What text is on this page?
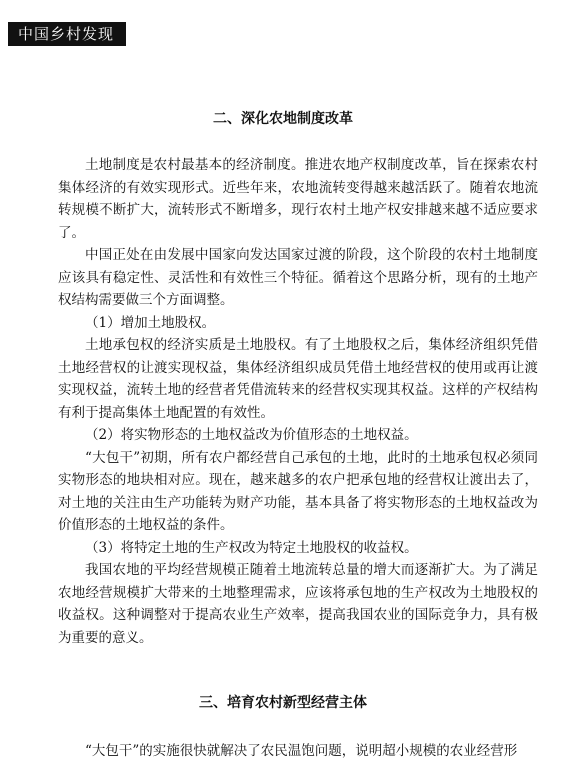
中国乡村发现
二、深化农地制度改革

土地制度是农村最基本的经济制度。推进农地产权制度改革，旨在探索农村集体经济的有效实现形式。近些年来，农地流转变得越来越活跃了。随着农地流转规模不断扩大，流转形式不断增多，现行农村土地产权安排越来越不适应要求了。

中国正处在由发展中国家向发达国家过渡的阶段，这个阶段的农村土地制度应该具有稳定性、灵活性和有效性三个特征。循着这个思路分析，现有的土地产权结构需要做三个方面调整。

（1）增加土地股权。

土地承包权的经济实质是土地股权。有了土地股权之后，集体经济组织凭借土地经营权的让渡实现权益，集体经济组织成员凭借土地经营权的使用或再让渡实现权益，流转土地的经营者凭借流转来的经营权实现其权益。这样的产权结构有利于提高集体土地配置的有效性。

（2）将实物形态的土地权益改为价值形态的土地权益。

“大包干”初期，所有农户都经营自己承包的土地，此时的土地承包权必须同实物形态的地块相对应。现在，越来越多的农户把承包地的经营权让渡出去了，对土地的关注由生产功能转为财产功能，基本具备了将实物形态的土地权益改为价值形态的土地权益的条件。

（3）将特定土地的生产权改为特定土地股权的收益权。

我国农地的平均经营规模正随着土地流转总量的增大而逐渐扩大。为了满足农地经营规模扩大带来的土地整理需求，应该将承包地的生产权改为土地股权的收益权。这种调整对于提高农业生产效率，提高我国农业的国际竞争力，具有极为重要的意义。

三、培育农村新型经营主体

“大包干”的实施很快就解决了农民温饱问题，说明超小规模的农业经营形
